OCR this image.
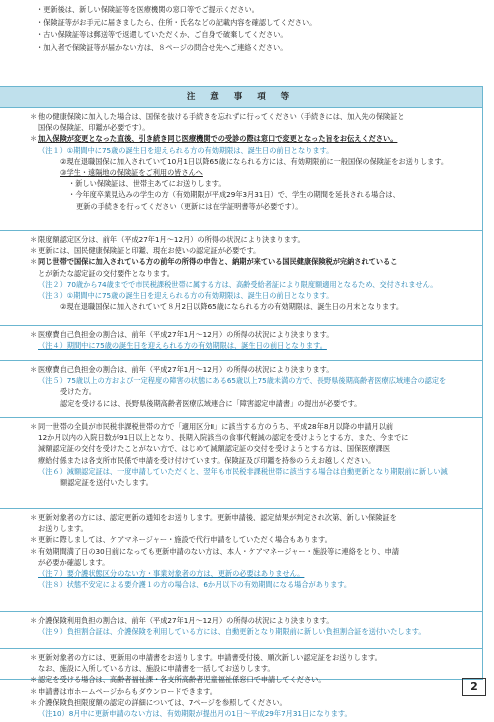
・更新後は、新しい保険証等を医療機関の窓口等でご提示ください。
・保険証等がお手元に届きましたら、住所・氏名などの記載内容を確認してください。
・古い保険証等は郵送等で返還していただくか、ご自身で破棄してください。
・加入者で保険証等が届かない方は、８ページの問合せ先へご連絡ください。
注 意 事 項 等
＊ 他の健康保険に加入した場合は、国保を抜ける手続きを忘れずに行ってください（手続きには、加入先の保険証と
国保の保険証、印鑑が必要です）。
＊ 加入保険が変更となった直後、引き続き同じ医療機関での受診の際は窓口で変更となった旨をお伝えください。
（注１）①期間中に75歳の誕生日を迎えられる方の有効期限は、誕生日の前日となります。
②現在退職国保に加入されていて10月1日以降65歳になられる方には、有効期限前に一般国保の保険証をお送りします。
③学生・遠隔地の保険証をご利用の皆さんへ
・新しい保険証は、世帯主あてにお送りします。
・今年度卒業見込みの学生の方（有効期限が平成29年3月31日）で、学生の期間を延長される場合は、
更新の手続きを行ってください（更新には在学証明書等が必要です）。
＊ 限度額認定区分は、前年（平成27年1月～12月）の所得の状況により決まります。
＊ 更新には、国民健康保険証と印鑑、現在お使いの認定証が必要です。
＊ 同じ世帯で国保に加入されている方の前年の所得の申告と、納期が来ている国民健康保険税が完納されているこ
とが新たな認定証の交付要件となります。
（注２）70歳から74歳までで市民税課税世帯に属する方は、高齢受給者証により限度額適用となるため、交付されません。
（注３）①期間中に75歳の誕生日を迎えられる方の有効期限は、誕生日の前日となります。
②現在退職国保に加入されていて８月2日以降65歳になられる方の有効期限は、誕生日の月末となります。
＊ 医療費自己負担金の割合は、前年（平成27年1月～12月）の所得の状況により決まります。
（注４）期間中に75歳の誕生日を迎えられる方の有効期限は、誕生日の前日となります。
＊ 医療費自己負担金の割合は、前年（平成27年1月～12月）の所得の状況により決まります。
（注５）75歳以上の方および一定程度の障害の状態にある65歳以上75歳未満の方で、長野県後期高齢者医療広域連合の認定を
受けた方。
認定を受けるには、長野県後期高齢者医療広域連合に「障害認定申請書」の提出が必要です。
＊ 同一世帯の全員が市民税非課税世帯の方で「適用区分Ⅱ」に該当する方のうち、平成28年8月以降の申請月以前
12か月以内の入院日数が91日以上となり、長期入院該当の食事代軽減の認定を受けようとする方、また、今までに
減額認定証の交付を受けたことがない方で、はじめて減額認定証の交付を受けようとする方は、国保医療課医
療給付係または各支所市民係で申請を受け付けています。保険証及び印鑑を持参のうえお越しください。
（注６）減額認定証は、一度申請していただくと、翌年も市民税非課税世帯に該当する場合は自動更新となり期限前に新しい減
額認定証を送付いたします。
＊ 更新対象者の方には、認定更新の通知をお送りします。更新申請後、認定結果が判定され次第、新しい保険証を
お送りします。
＊ 更新に際しましては、ケアマネージャー・施設で代行申請をしていただく場合もあります。
＊ 有効期間満了日の30日前になっても更新申請のない方は、本人・ケアマネージャー・施設等に連絡をとり、申請
が必要か確認します。
（注７）要介護状態区分のない方・事業対象者の方は、更新の必要はありません。
（注８）状態不安定による要介護１の方の場合は、6か月以下の有効期間になる場合があります。
＊ 介護保険利用負担の割合は、前年（平成27年1月～12月）の所得の状況により決まります。
（注９）負担割合証は、介護保険を利用している方には、自動更新となり期限前に新しい負担割合証を送付いたします。
＊ 更新対象者の方には、更新用の申請書をお送りします。申請書受付後、順次新しい認定証をお送りします。
なお、施設に入所している方は、施設に申請書を一括してお送りします。
＊ 認定を受ける場合は、高齢者福祉課・各支所高齢者児童福祉係窓口で申請してください。
＊ 申請書は市ホームページからもダウンロードできます。
＊ 介護保険負担限度額の認定の詳細については、7ページを参照してください。
（注10）8月中に更新申請のない方は、有効期限が提出月の1日～平成29年7月31日になります。
2
